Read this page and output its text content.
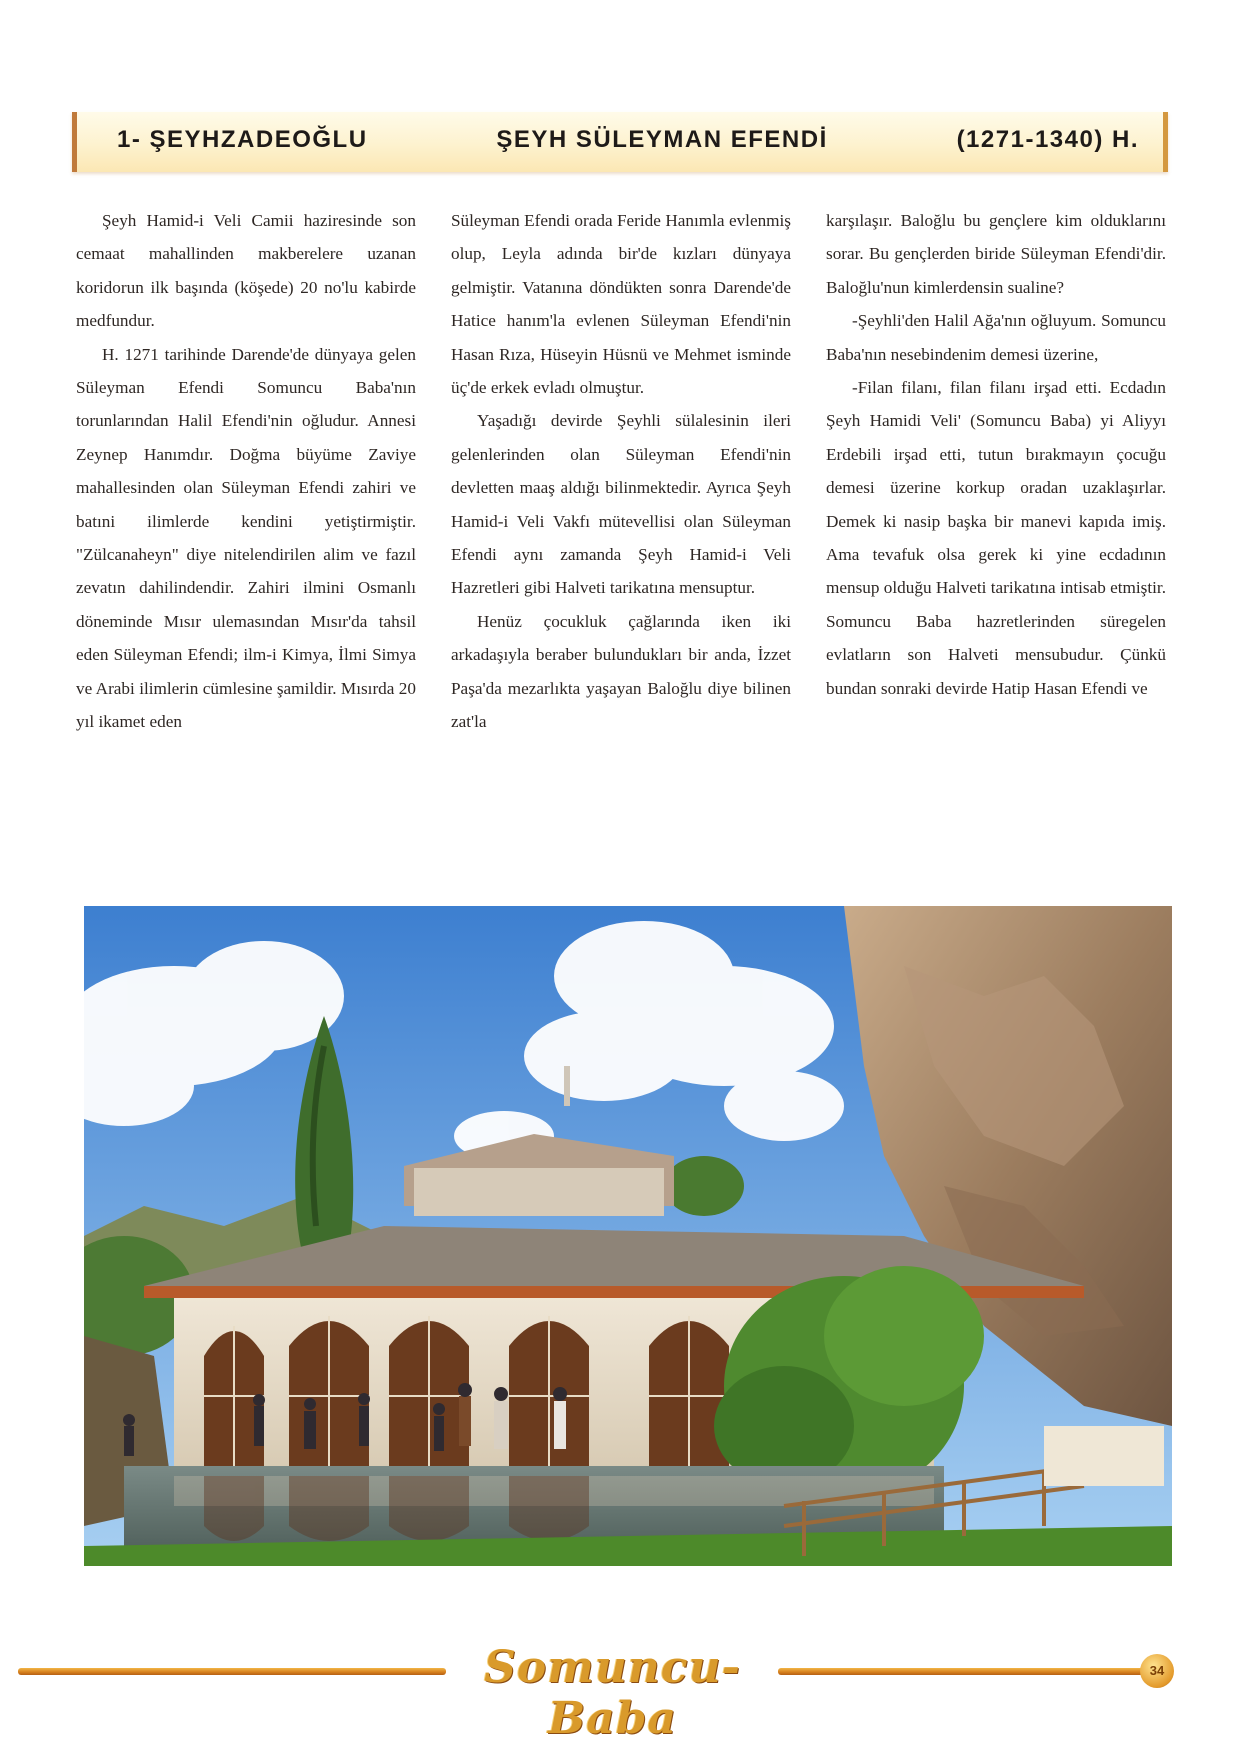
1- ŞEYHZADEOĞLU	ŞEYH SÜLEYMAN EFENDİ	(1271-1340) H.

Şeyh Hamid-i Veli Camii haziresinde son cemaat mahallinden makberelere uzanan koridorun ilk başında (köşede) 20 no'lu kabirde medfundur.

H. 1271 tarihinde Darende'de dünyaya gelen Süleyman Efendi Somuncu Baba'nın torunlarından Halil Efendi'nin oğludur. Annesi Zeynep Hanımdır. Doğma büyüme Zaviye mahallesinden olan Süleyman Efendi zahiri ve batıni ilimlerde kendini yetiştirmiştir. "Zülcanaheyn" diye nitelendirilen alim ve fazıl zevatın dahilindendir. Zahiri ilmini Osmanlı döneminde Mısır ulemasından Mısır'da tahsil eden Süleyman Efendi; ilm-i Kimya, İlmi Simya ve Arabi ilimlerin cümlesine şamildir. Mısırda 20 yıl ikamet eden

Süleyman Efendi orada Feride Hanımla evlenmiş olup, Leyla adında bir'de kızları dünyaya gelmiştir. Vatanına döndükten sonra Darende'de Hatice hanım'la evlenen Süleyman Efendi'nin Hasan Rıza, Hüseyin Hüsnü ve Mehmet isminde üç'de erkek evladı olmuştur.

Yaşadığı devirde Şeyhli sülalesinin ileri gelenlerinden olan Süleyman Efendi'nin devletten maaş aldığı bilinmektedir. Ayrıca Şeyh Hamid-i Veli Vakfı mütevellisi olan Süleyman Efendi aynı zamanda Şeyh Hamid-i Veli Hazretleri gibi Halveti tarikatına mensuptur.

Henüz çocukluk çağlarında iken iki arkadaşıyla beraber bulundukları bir anda, İzzet Paşa'da mezarlıkta yaşayan Baloğlu diye bilinen zat'la

karşılaşır. Baloğlu bu gençlere kim olduklarını sorar. Bu gençlerden biride Süleyman Efendi'dir. Baloğlu'nun kimlerdensin sualine?

-Şeyhli'den Halil Ağa'nın oğluyum. Somuncu Baba'nın nesebindenim demesi üzerine,

-Filan filanı, filan filanı irşad etti. Ecdadın Şeyh Hamidi Veli' (Somuncu Baba) yi Aliyyı Erdebili irşad etti, tutun bırakmayın çocuğu demesi üzerine korkup oradan uzaklaşırlar. Demek ki nasip başka bir manevi kapıda imiş. Ama tevafuk olsa gerek ki yine ecdadının mensup olduğu Halveti tarikatına intisab etmiştir. Somuncu Baba hazretlerinden süregelen evlatların son Halveti mensubudur. Çünkü bundan sonraki devirde Hatip Hasan Efendi ve

Somuncu-Baba
34
